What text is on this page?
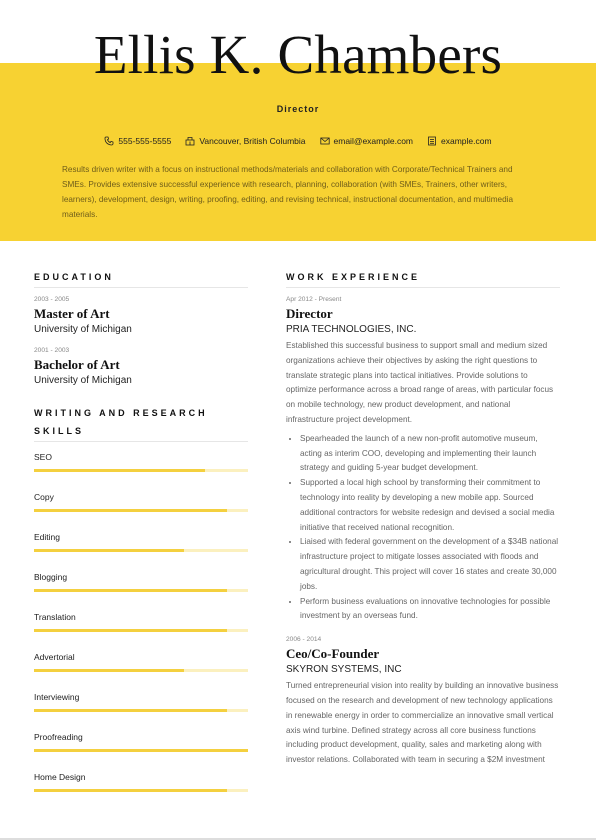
Ellis K. Chambers
Director
555-555-5555	Vancouver, British Columbia	email@example.com	example.com
Results driven writer with a focus on instructional methods/materials and collaboration with Corporate/Technical Trainers and SMEs. Provides extensive successful experience with research, planning, collaboration (with SMEs, Trainers, other writers, learners), development, design, writing, proofing, editing, and revising technical, instructional documentation, and multimedia materials.
EDUCATION
2003 - 2005
Master of Art
University of Michigan
2001 - 2003
Bachelor of Art
University of Michigan
WRITING AND RESEARCH SKILLS
SEO
Copy
Editing
Blogging
Translation
Advertorial
Interviewing
Proofreading
Home Design
WORK EXPERIENCE
Apr 2012 - Present
Director
PRIA TECHNOLOGIES, INC.
Established this successful business to support small and medium sized organizations achieve their objectives by asking the right questions to translate strategic plans into tactical initiatives. Provide solutions to optimize performance across a broad range of areas, with particular focus on mobile technology, new product development, and national infrastructure project development.
• Spearheaded the launch of a new non-profit automotive museum, acting as interim COO, developing and implementing their launch strategy and guiding 5-year budget development.
• Supported a local high school by transforming their commitment to technology into reality by developing a new mobile app. Sourced additional contractors for website redesign and devised a social media initiative that received national recognition.
• Liaised with federal government on the development of a $34B national infrastructure project to mitigate losses associated with floods and agricultural drought. This project will cover 16 states and create 30,000 jobs.
• Perform business evaluations on innovative technologies for possible investment by an overseas fund.
2006 - 2014
Ceo/Co-Founder
SKYRON SYSTEMS, INC
Turned entrepreneurial vision into reality by building an innovative business focused on the research and development of new technology applications in renewable energy in order to commercialize an innovative small vertical axis wind turbine. Defined strategy across all core business functions including product development, quality, sales and marketing along with investor relations. Collaborated with team in securing a $2M investment
